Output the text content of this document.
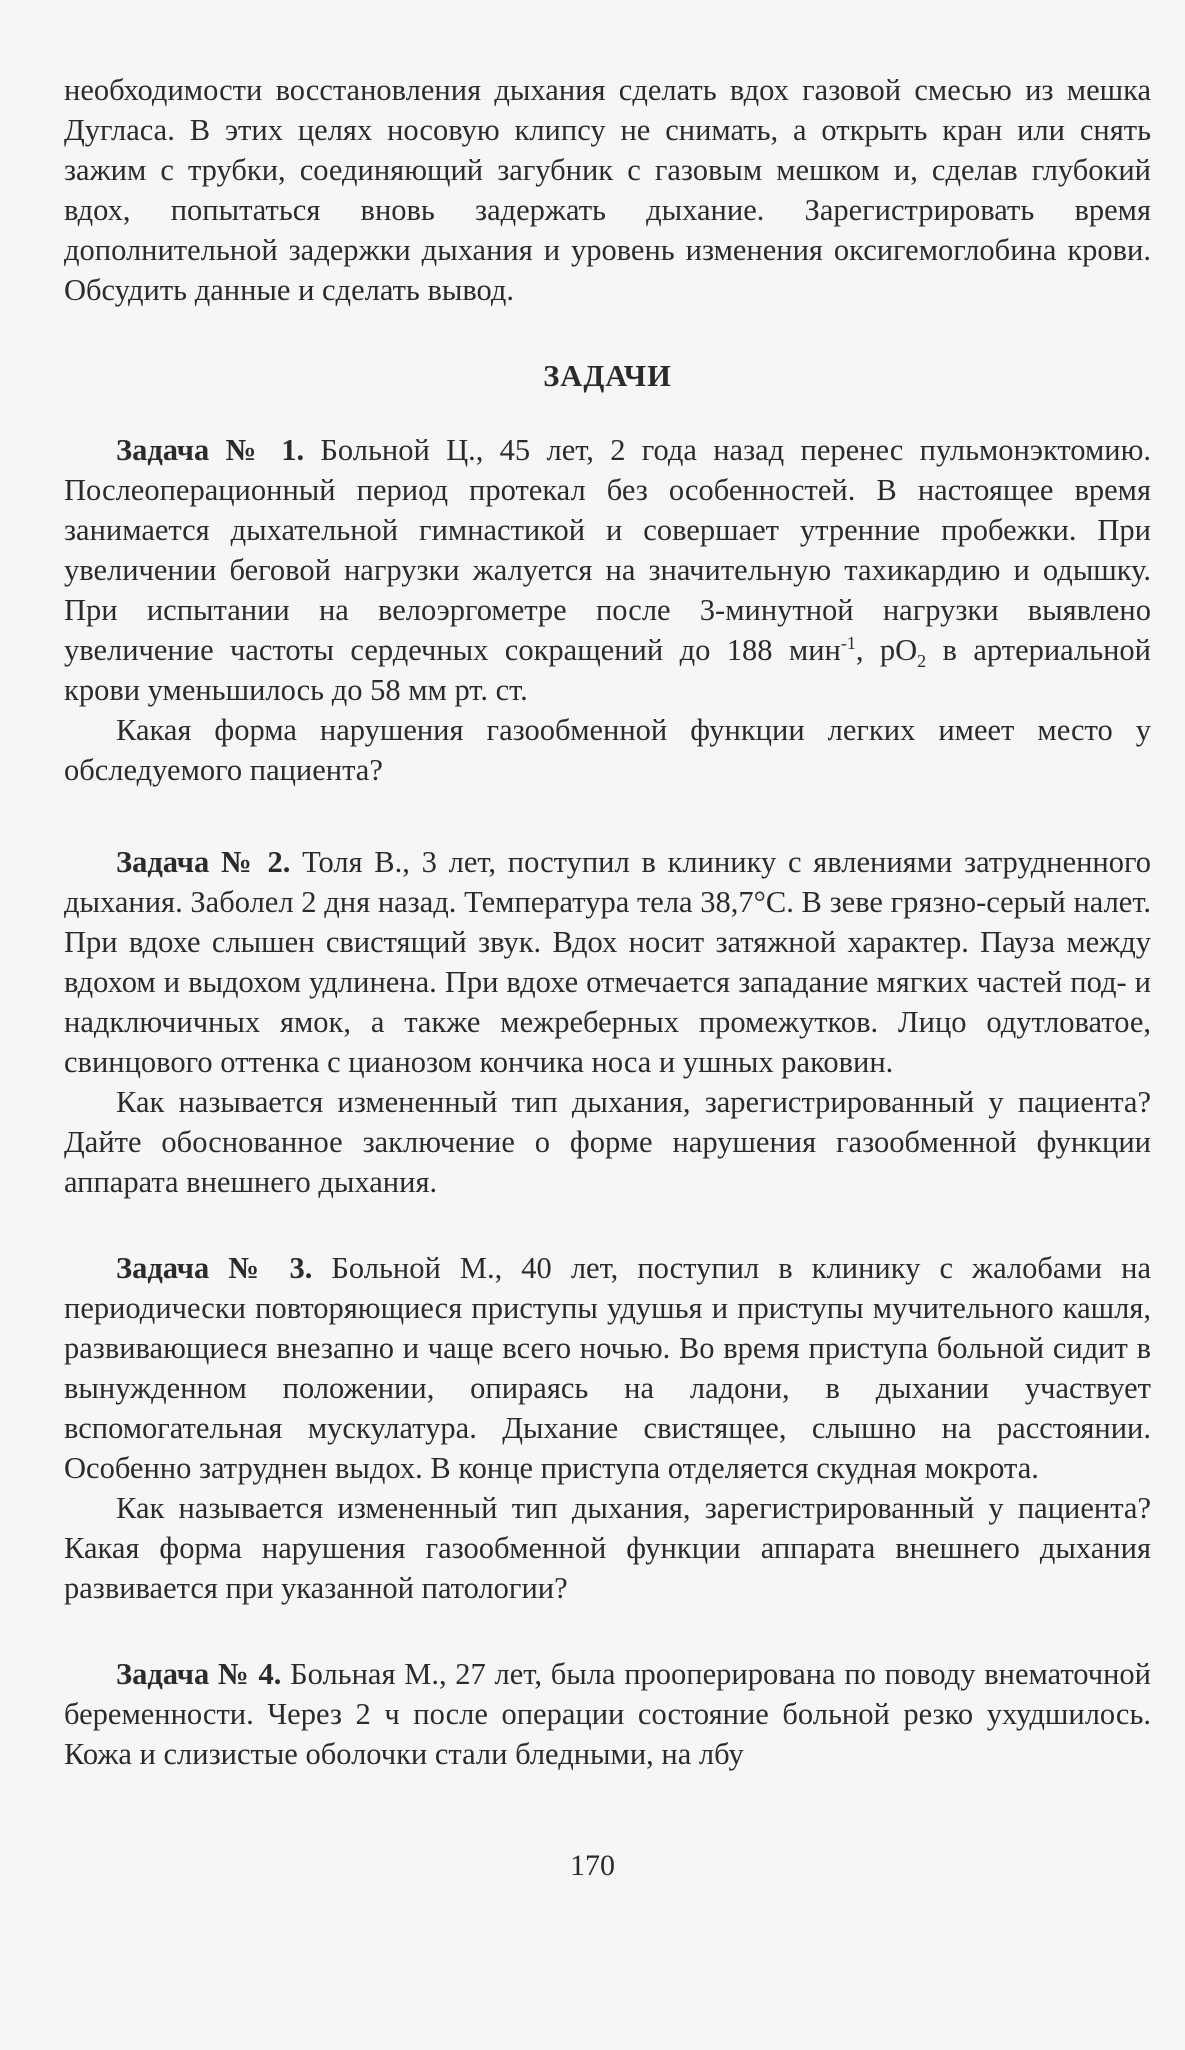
необходимости восстановления дыхания сделать вдох газовой смесью из мешка Дугласа. В этих целях носовую клипсу не снимать, а открыть кран или снять зажим с трубки, соединяющий загубник с газовым мешком и, сделав глубокий вдох, попытаться вновь задержать дыхание. Зарегистрировать время дополнительной задержки дыхания и уровень изменения оксигемоглобина крови. Обсудить данные и сделать вывод.

ЗАДАЧИ

Задача № 1. Больной Ц., 45 лет, 2 года назад перенес пульмонэктомию. Послеоперационный период протекал без особенностей. В настоящее время занимается дыхательной гимнастикой и совершает утренние пробежки. При увеличении беговой нагрузки жалуется на значительную тахикардию и одышку. При испытании на велоэргометре после 3-минутной нагрузки выявлено увеличение частоты сердечных сокращений до 188 мин$^{-1}$, $рO_2$ в артериальной крови уменьшилось до 58 мм рт. ст.

Какая форма нарушения газообменной функции легких имеет место у обследуемого пациента?

Задача № 2. Толя В., 3 лет, поступил в клинику с явлениями затрудненного дыхания. Заболел 2 дня назад. Температура тела 38,7°С. В зеве грязно-серый налет. При вдохе слышен свистящий звук. Вдох носит затяжной характер. Пауза между вдохом и выдохом удлинена. При вдохе отмечается западание мягких частей под- и надключичных ямок, а также межреберных промежутков. Лицо одутловатое, свинцового оттенка с цианозом кончика носа и ушных раковин.

Как называется измененный тип дыхания, зарегистрированный у пациента? Дайте обоснованное заключение о форме нарушения газообменной функции аппарата внешнего дыхания.

Задача № 3. Больной М., 40 лет, поступил в клинику с жалобами на периодически повторяющиеся приступы удушья и приступы мучительного кашля, развивающиеся внезапно и чаще всего ночью. Во время приступа больной сидит в вынужденном положении, опираясь на ладони, в дыхании участвует вспомогательная мускулатура. Дыхание свистящее, слышно на расстоянии. Особенно затруднен выдох. В конце приступа отделяется скудная мокрота.

Как называется измененный тип дыхания, зарегистрированный у пациента? Какая форма нарушения газообменной функции аппарата внешнего дыхания развивается при указанной патологии?

Задача № 4. Больная М., 27 лет, была прооперирована по поводу внематочной беременности. Через 2 ч после операции состояние больной резко ухудшилось. Кожа и слизистые оболочки стали бледными, на лбу

170
